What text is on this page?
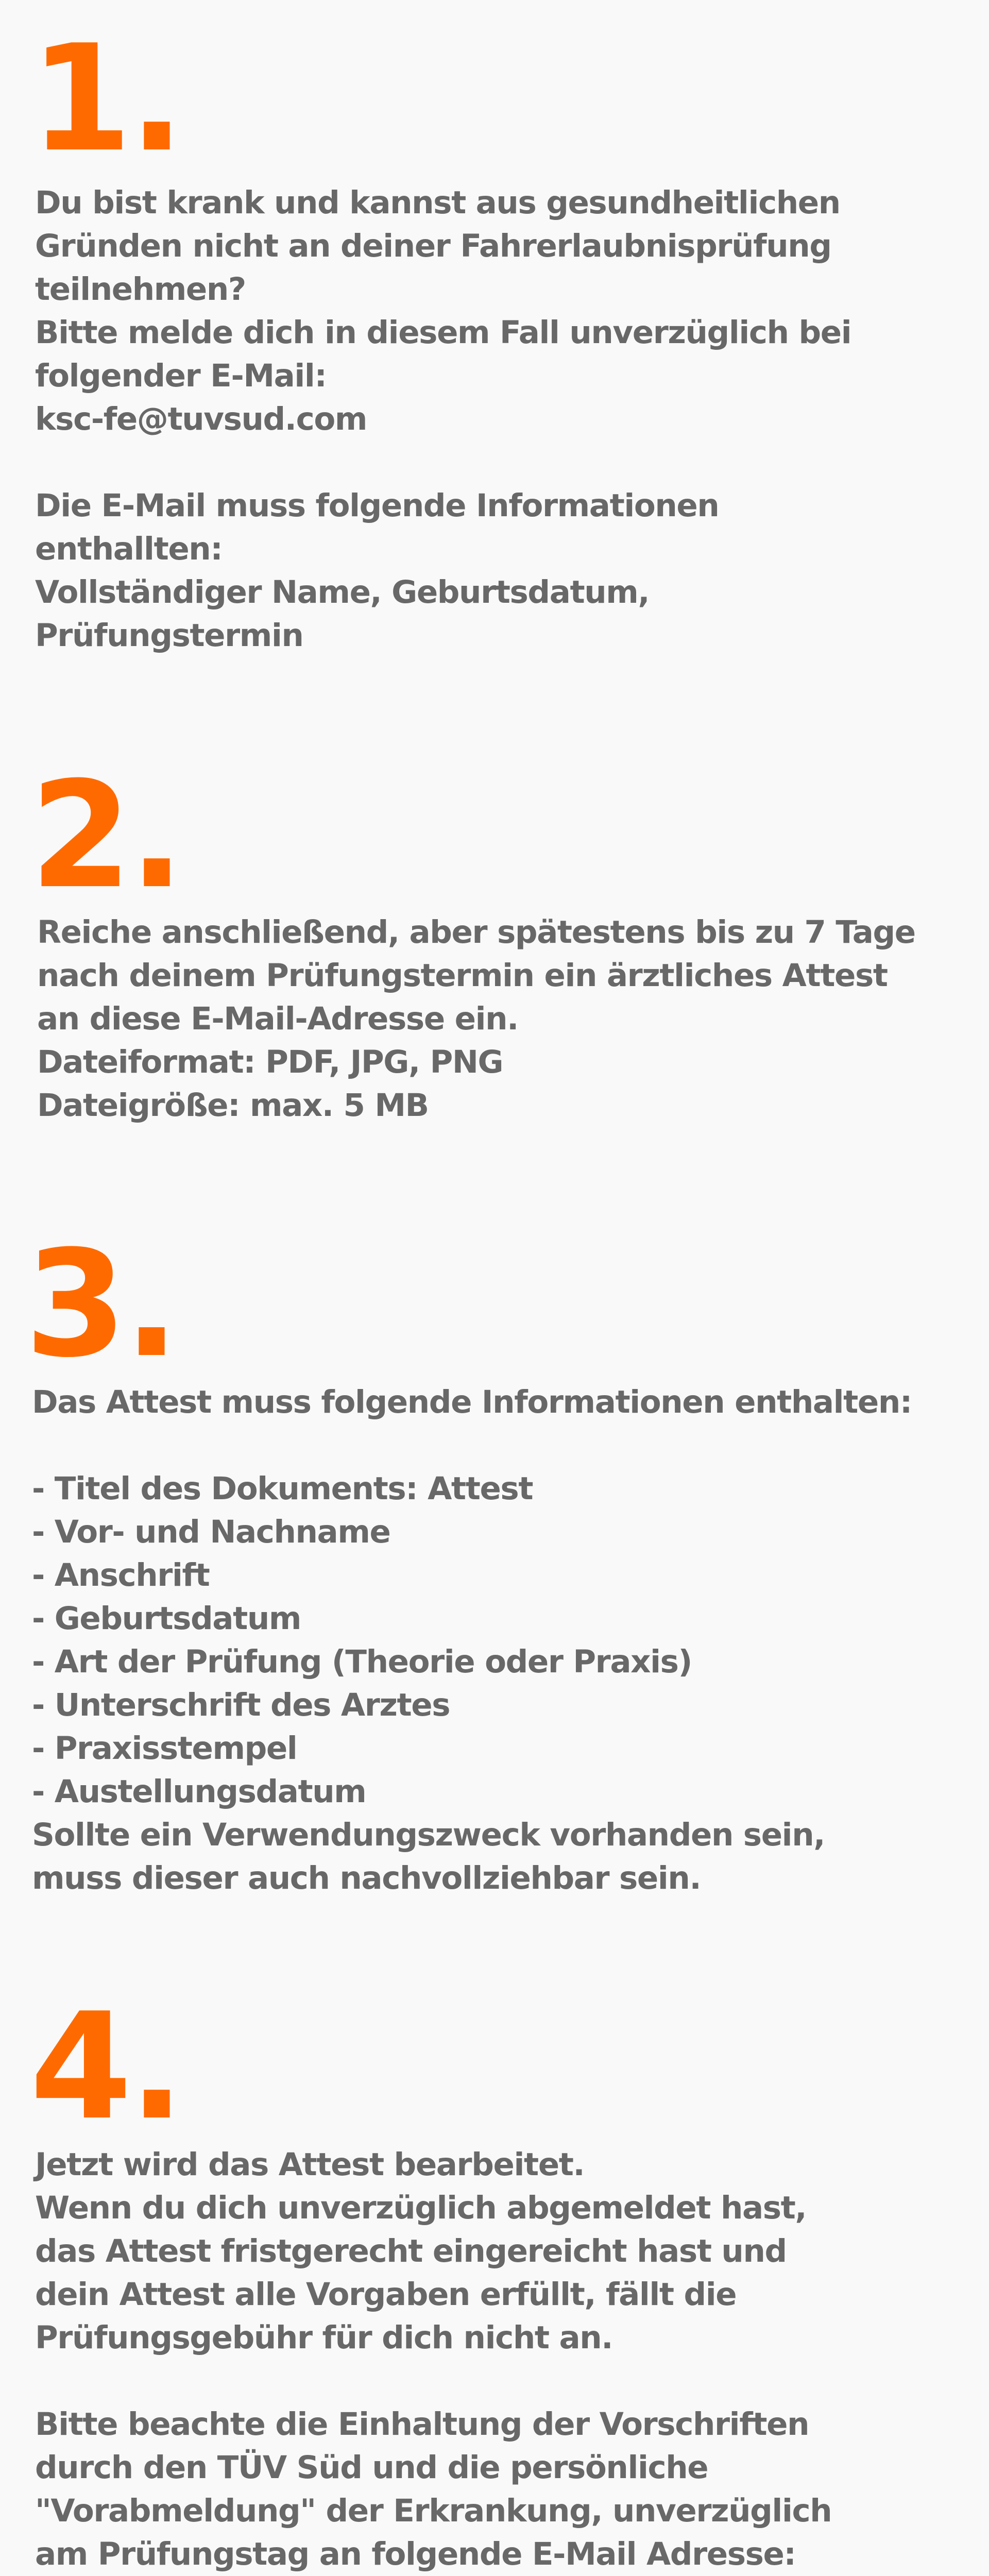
1.
Du bist krank und kannst aus gesundheitlichen
Gründen nicht an deiner Fahrerlaubnisprüfung
teilnehmen?
Bitte melde dich in diesem Fall unverzüglich bei
folgender E-Mail:
ksc-fe@tuvsud.com
Die E-Mail muss folgende Informationen
enthallten:
Vollständiger Name, Geburtsdatum,
Prüfungstermin
2.
Reiche anschließend, aber spätestens bis zu 7 Tage
nach deinem Prüfungstermin ein ärztliches Attest
an diese E-Mail-Adresse ein.
Dateiformat: PDF, JPG, PNG
Dateigröße: max. 5 MB
3.
Das Attest muss folgende Informationen enthalten:
- Titel des Dokuments: Attest
- Vor- und Nachname
- Anschrift
- Geburtsdatum
- Art der Prüfung (Theorie oder Praxis)
- Unterschrift des Arztes
- Praxisstempel
- Austellungsdatum
Sollte ein Verwendungszweck vorhanden sein,
muss dieser auch nachvollziehbar sein.
4.
Jetzt wird das Attest bearbeitet.
Wenn du dich unverzüglich abgemeldet hast,
das Attest fristgerecht eingereicht hast und
dein Attest alle Vorgaben erfüllt, fällt die
Prüfungsgebühr für dich nicht an.
Bitte beachte die Einhaltung der Vorschriften
durch den TÜV Süd und die persönliche
"Vorabmeldung" der Erkrankung, unverzüglich
am Prüfungstag an folgende E-Mail Adresse:
